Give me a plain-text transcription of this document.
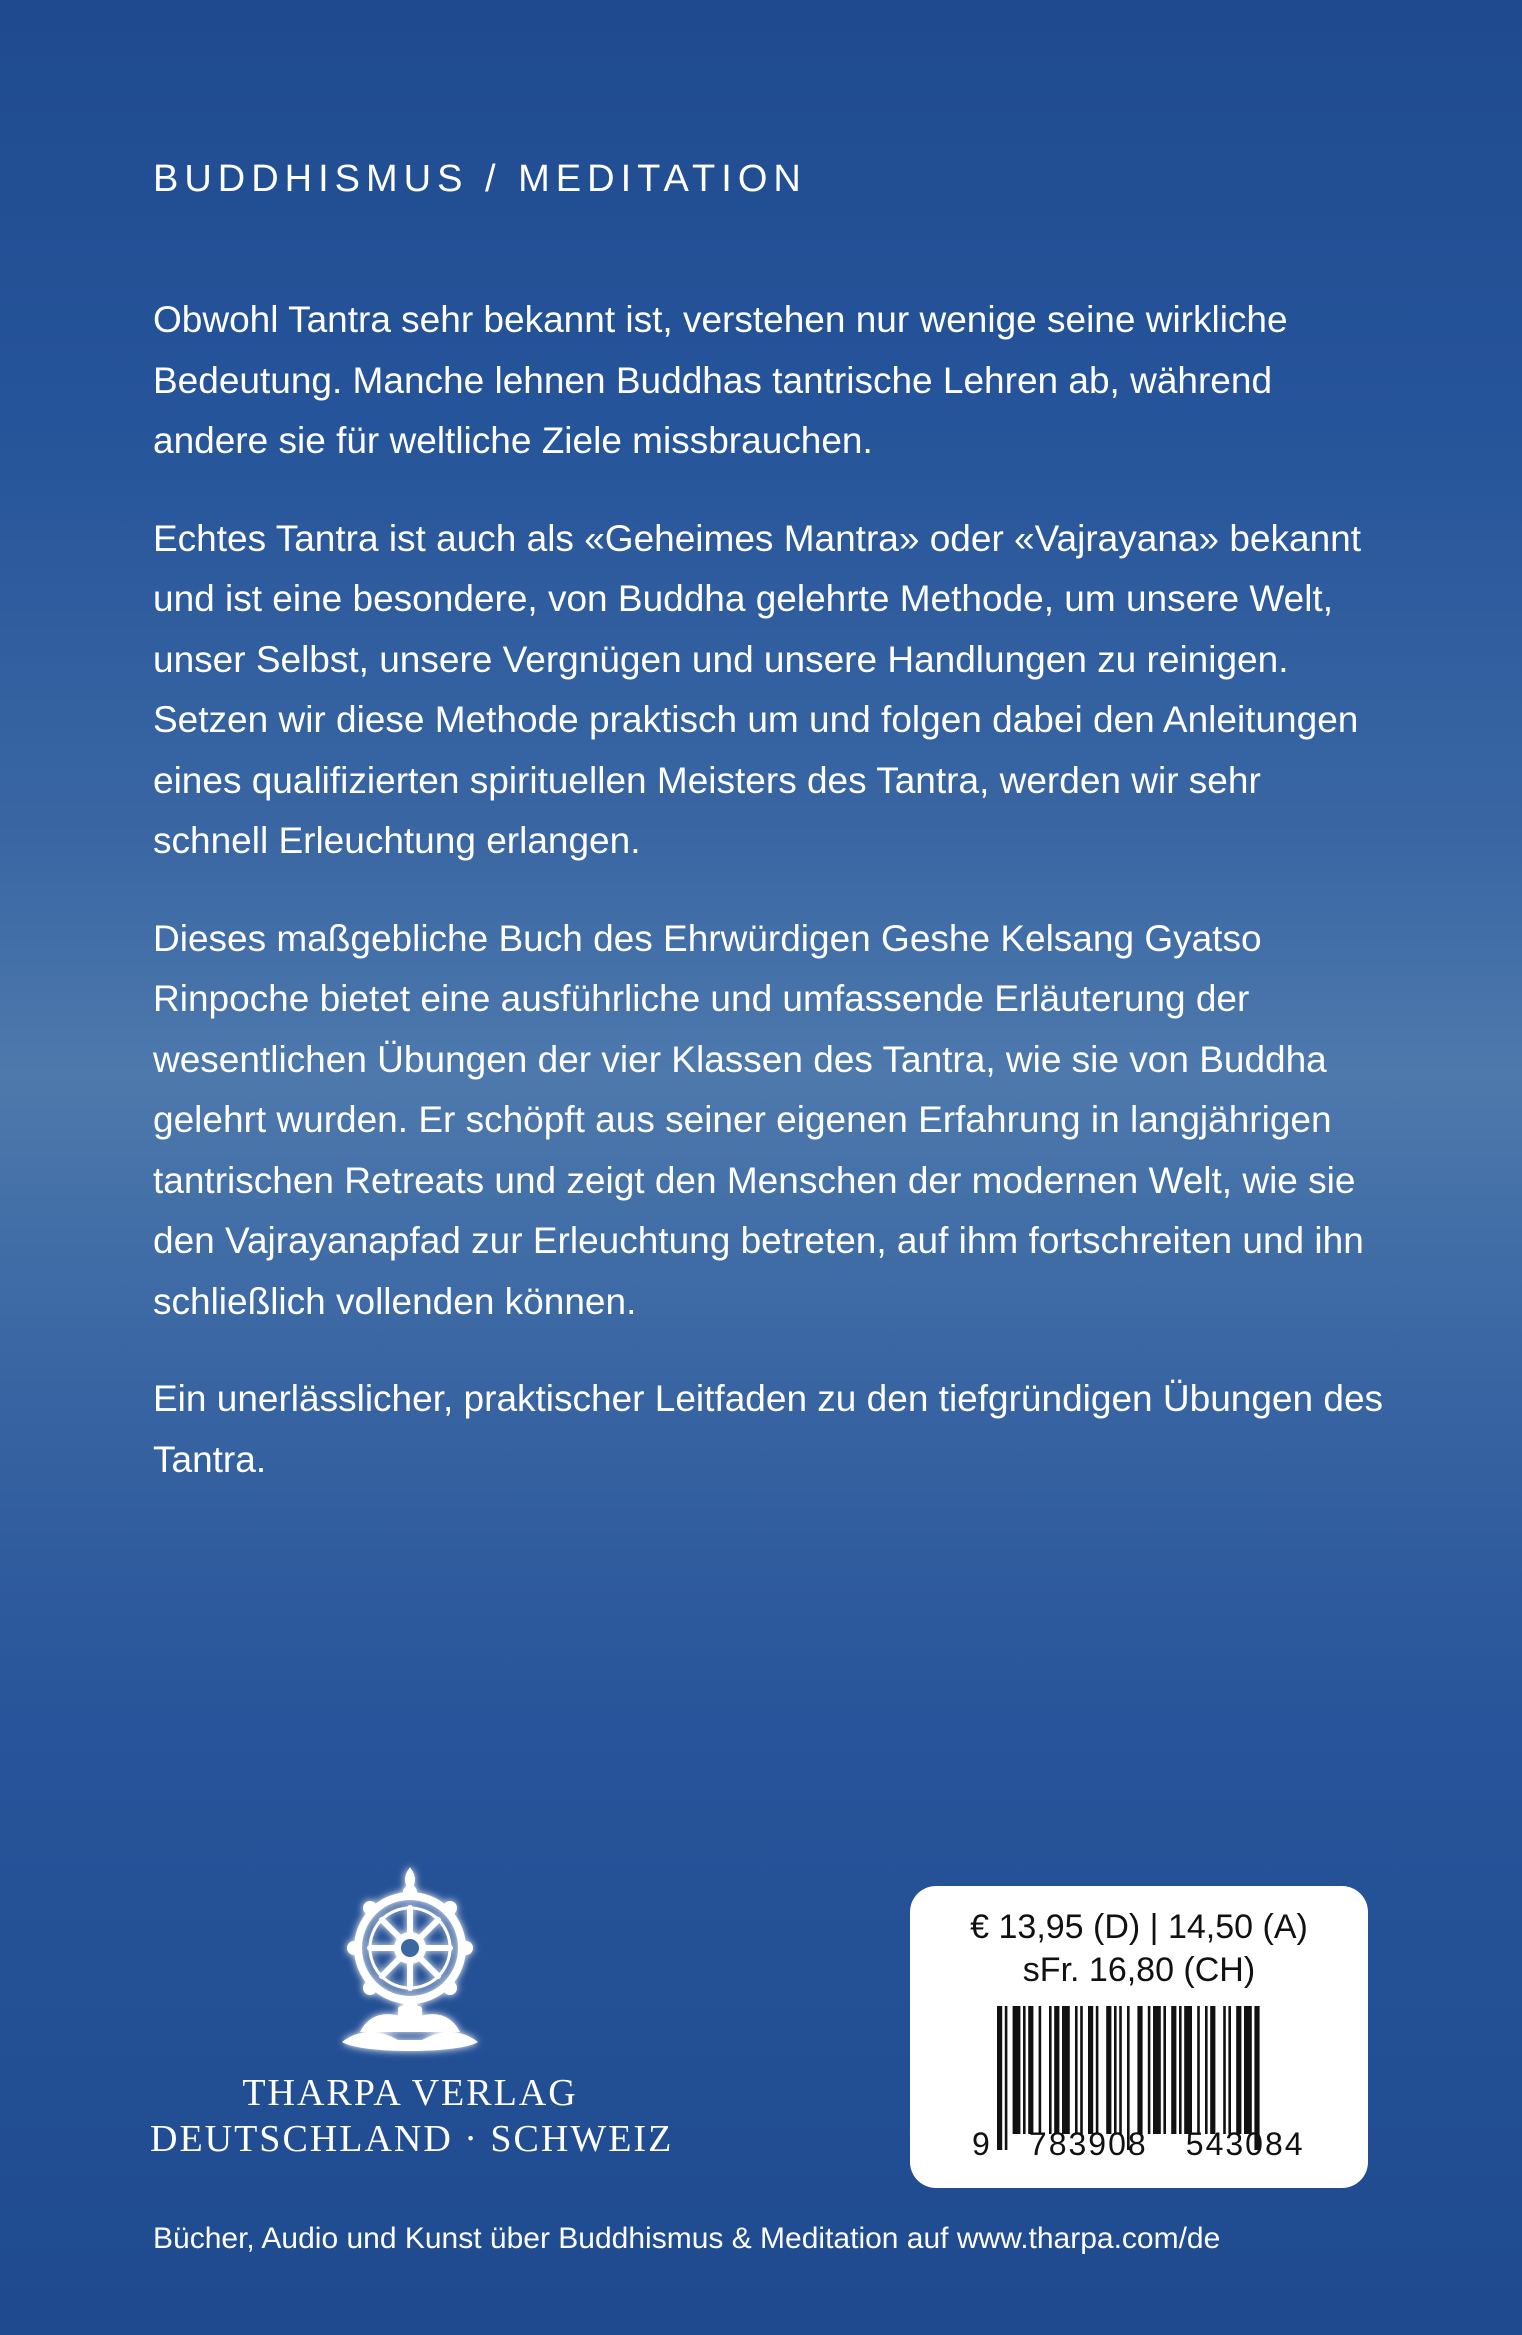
BUDDHISMUS / MEDITATION

Obwohl Tantra sehr bekannt ist, verstehen nur wenige seine wirkliche Bedeutung. Manche lehnen Buddhas tantrische Lehren ab, während andere sie für weltliche Ziele missbrauchen.

Echtes Tantra ist auch als «Geheimes Mantra» oder «Vajrayana» bekannt und ist eine besondere, von Buddha gelehrte Methode, um unsere Welt, unser Selbst, unsere Vergnügen und unsere Handlungen zu reinigen. Setzen wir diese Methode praktisch um und folgen dabei den Anleitungen eines qualifizierten spirituellen Meisters des Tantra, werden wir sehr schnell Erleuchtung erlangen.

Dieses maßgebliche Buch des Ehrwürdigen Geshe Kelsang Gyatso Rinpoche bietet eine ausführliche und umfassende Erläuterung der wesentlichen Übungen der vier Klassen des Tantra, wie sie von Buddha gelehrt wurden. Er schöpft aus seiner eigenen Erfahrung in langjährigen tantrischen Retreats und zeigt den Menschen der modernen Welt, wie sie den Vajrayanapfad zur Erleuchtung betreten, auf ihm fortschreiten und ihn schließlich vollenden können.

Ein unerlässlicher, praktischer Leitfaden zu den tiefgründigen Übungen des Tantra.

THARPA VERLAG
DEUTSCHLAND · SCHWEIZ
€ 13,95 (D) | 14,50 (A)
sFr. 16,80 (CH)
9 783908 543084
Bücher, Audio und Kunst über Buddhismus & Meditation auf www.tharpa.com/de
